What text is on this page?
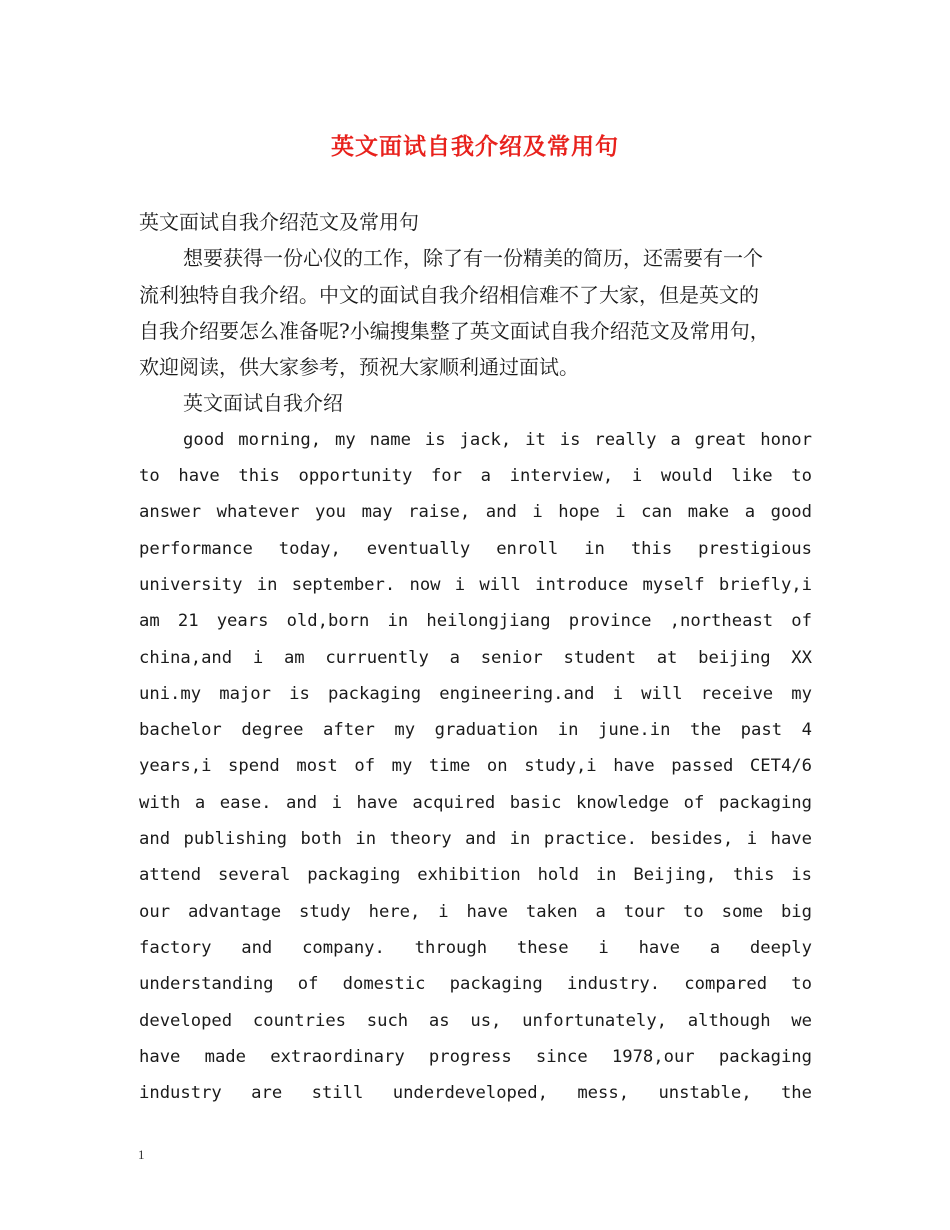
英文面试自我介绍及常用句

英文面试自我介绍范文及常用句

想要获得一份心仪的工作，除了有一份精美的简历，还需要有一个

流利独特自我介绍。中文的面试自我介绍相信难不了大家，但是英文的

自我介绍要怎么准备呢?小编搜集整了英文面试自我介绍范文及常用句，

欢迎阅读，供大家参考，预祝大家顺利通过面试。

英文面试自我介绍

good morning, my name is jack, it is really a great honor
to have this opportunity for a interview, i would like to
answer whatever you may raise, and i hope i can make a good
performance today, eventually enroll in this prestigious
university in september. now i will introduce myself briefly,i
am 21 years old,born in heilongjiang province ,northeast of
china,and i am curruently a senior student at beijing XX
uni.my major is packaging engineering.and i will receive my
bachelor degree after my graduation in june.in the past 4
years,i spend most of my time on study,i have passed CET4/6
with a ease. and i have acquired basic knowledge of packaging
and publishing both in theory and in practice. besides, i have
attend several packaging exhibition hold in Beijing, this is
our advantage study here, i have taken a tour to some big
factory and company. through these i have a deeply
understanding of domestic packaging industry. compared to
developed countries such as us, unfortunately, although we
have made extraordinary progress since 1978,our packaging
industry are still underdeveloped, mess, unstable, the
1
